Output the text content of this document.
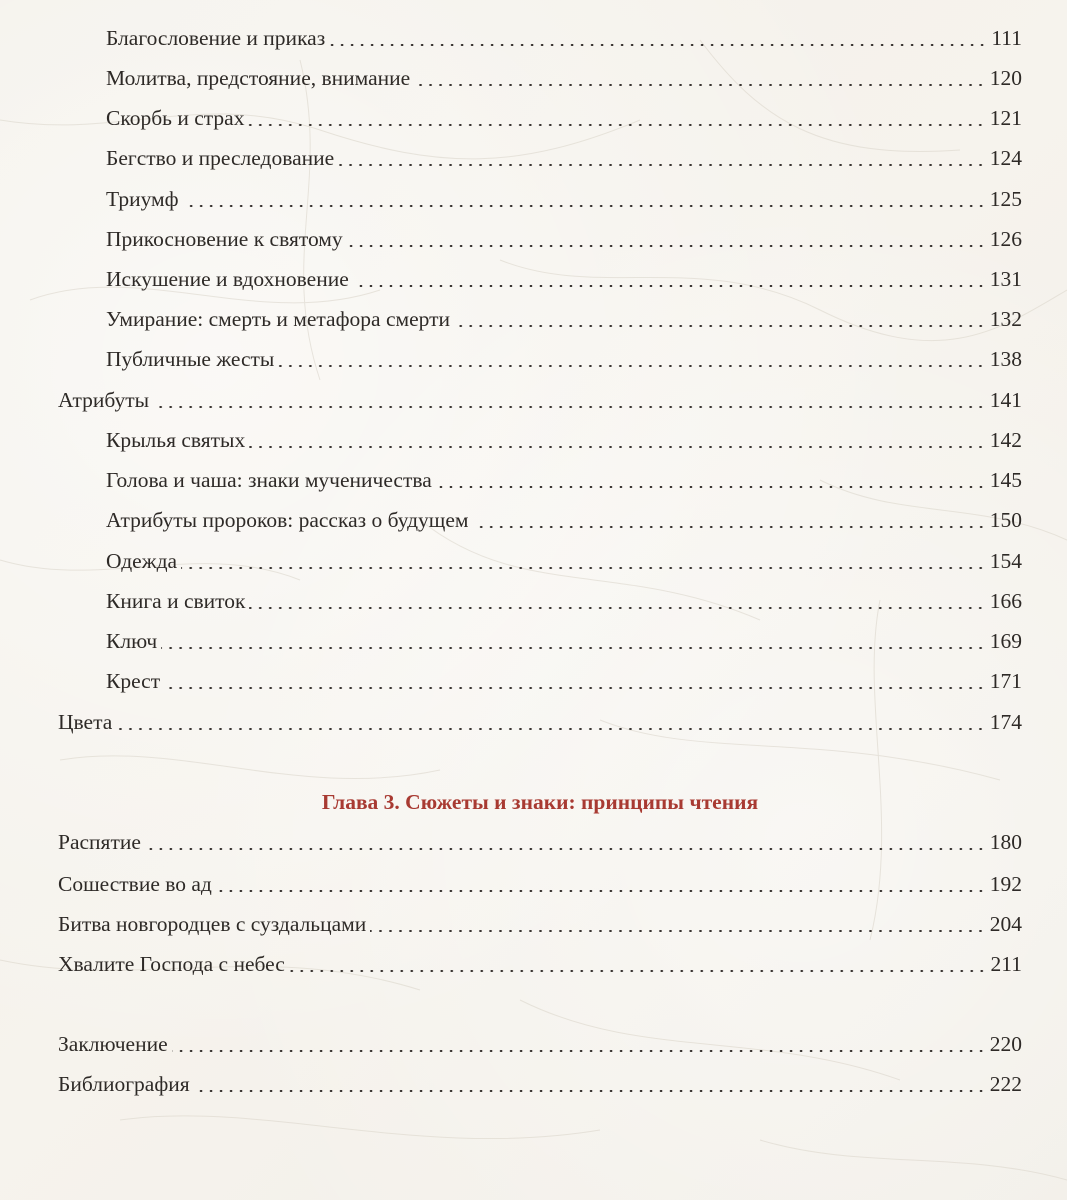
Благословение и приказ	111
Молитва, предстояние, внимание	120
Скорбь и страх	121
Бегство и преследование	124
Триумф	125
Прикосновение к святому	126
Искушение и вдохновение	131
Умирание: смерть и метафора смерти	132
Публичные жесты	138
Атрибуты	141
Крылья святых	142
Голова и чаша: знаки мученичества	145
Атрибуты пророков: рассказ о будущем	150
Одежда	154
Книга и свиток	166
Ключ	169
Крест	171
Цвета	174
Глава 3. Сюжеты и знаки: принципы чтения
Распятие	180
Сошествие во ад	192
Битва новгородцев с суздальцами	204
Хвалите Господа с небес	211
Заключение	220
Библиография	222
